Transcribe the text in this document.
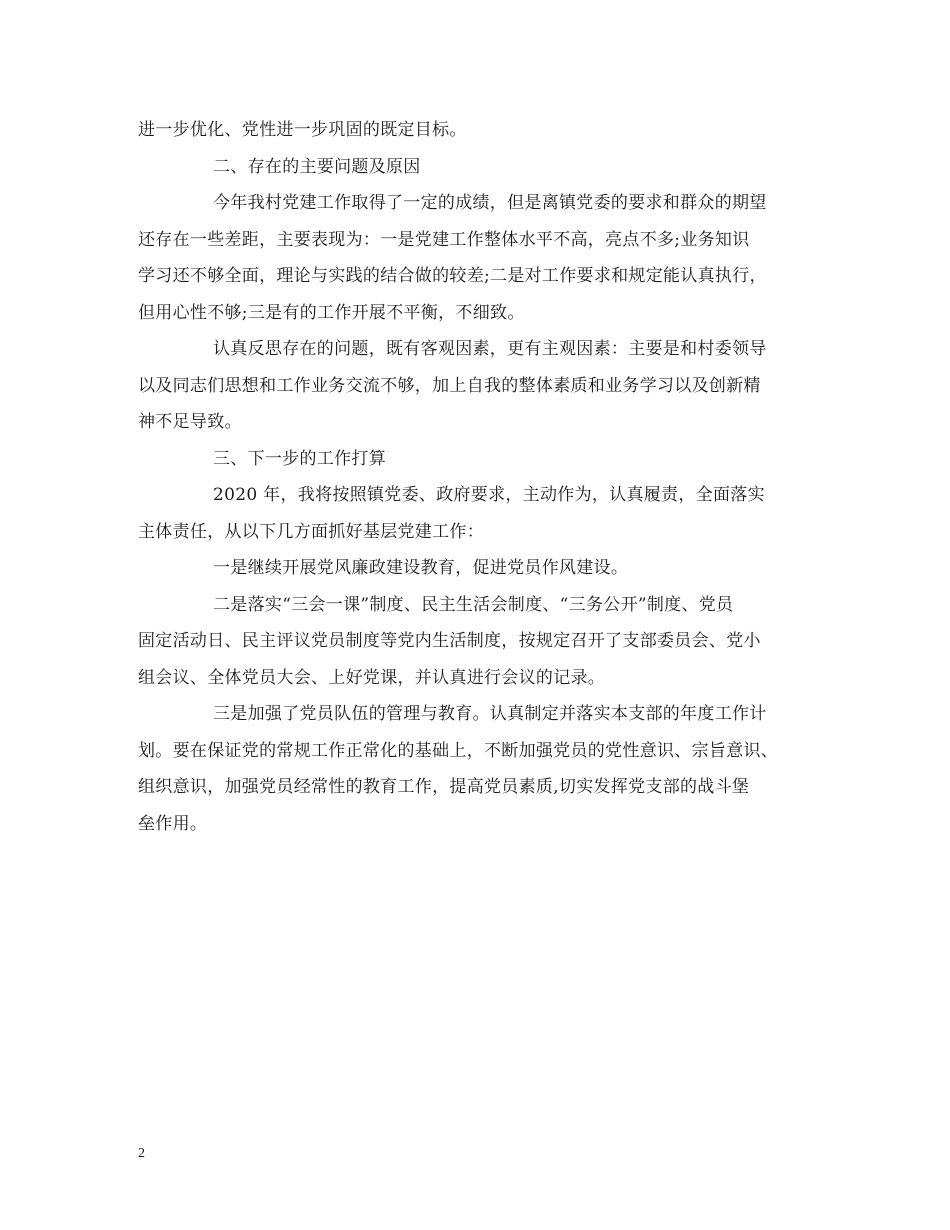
进一步优化、党性进一步巩固的既定目标。
二、存在的主要问题及原因
今年我村党建工作取得了一定的成绩，但是离镇党委的要求和群众的期望
还存在一些差距，主要表现为：一是党建工作整体水平不高，亮点不多;业务知识
学习还不够全面，理论与实践的结合做的较差;二是对工作要求和规定能认真执行，
但用心性不够;三是有的工作开展不平衡，不细致。
认真反思存在的问题，既有客观因素，更有主观因素：主要是和村委领导
以及同志们思想和工作业务交流不够，加上自我的整体素质和业务学习以及创新精
神不足导致。
三、下一步的工作打算
2020 年，我将按照镇党委、政府要求，主动作为，认真履责，全面落实
主体责任，从以下几方面抓好基层党建工作：
一是继续开展党风廉政建设教育，促进党员作风建设。
二是落实“三会一课”制度、民主生活会制度、“三务公开”制度、党员
固定活动日、民主评议党员制度等党内生活制度，按规定召开了支部委员会、党小
组会议、全体党员大会、上好党课，并认真进行会议的记录。
三是加强了党员队伍的管理与教育。认真制定并落实本支部的年度工作计
划。要在保证党的常规工作正常化的基础上，不断加强党员的党性意识、宗旨意识、
组织意识，加强党员经常性的教育工作，提高党员素质,切实发挥党支部的战斗堡
垒作用。
2
